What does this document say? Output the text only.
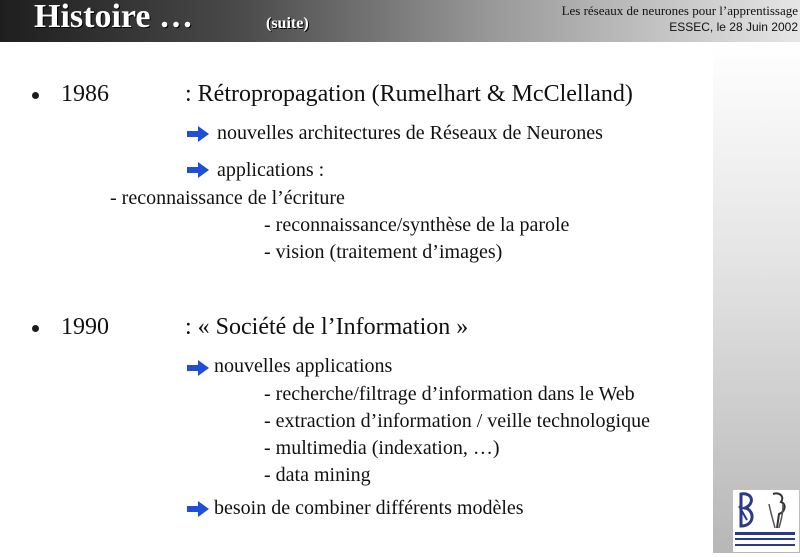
Histoire …	(suite)
Les réseaux de neurones pour l’apprentissage
ESSEC, le 28 Juin 2002
1986	: Rétropropagation (Rumelhart & McClelland)
nouvelles architectures de Réseaux de Neurones
applications :
- reconnaissance de l’écriture
- reconnaissance/synthèse de la parole
- vision (traitement d’images)
1990	: « Société de l’Information »
nouvelles applications
- recherche/filtrage d’information dans le Web
- extraction d’information / veille technologique
- multimedia (indexation, …)
- data mining
besoin de combiner différents modèles
